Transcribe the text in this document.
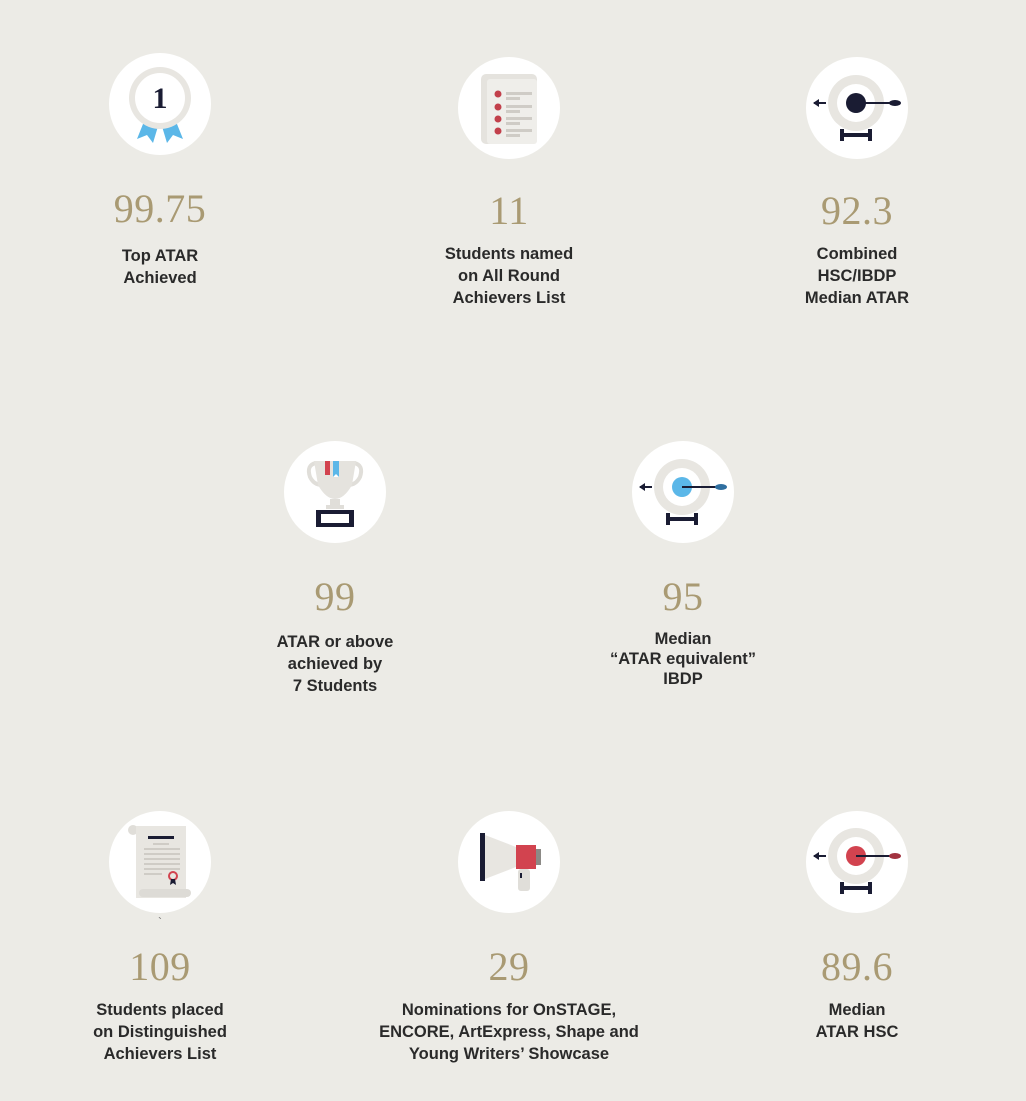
1
99.75
Top ATAR
Achieved
11
Students named
on All Round
Achievers List
92.3
Combined
HSC/IBDP
Median ATAR
99
ATAR or above
achieved by
7 Students
95
Median
“ATAR equivalent”
IBDP
109
Students placed
on Distinguished
Achievers List
`
29
Nominations for OnSTAGE,
ENCORE, ArtExpress, Shape and
Young Writers’ Showcase
89.6
Median
ATAR HSC
